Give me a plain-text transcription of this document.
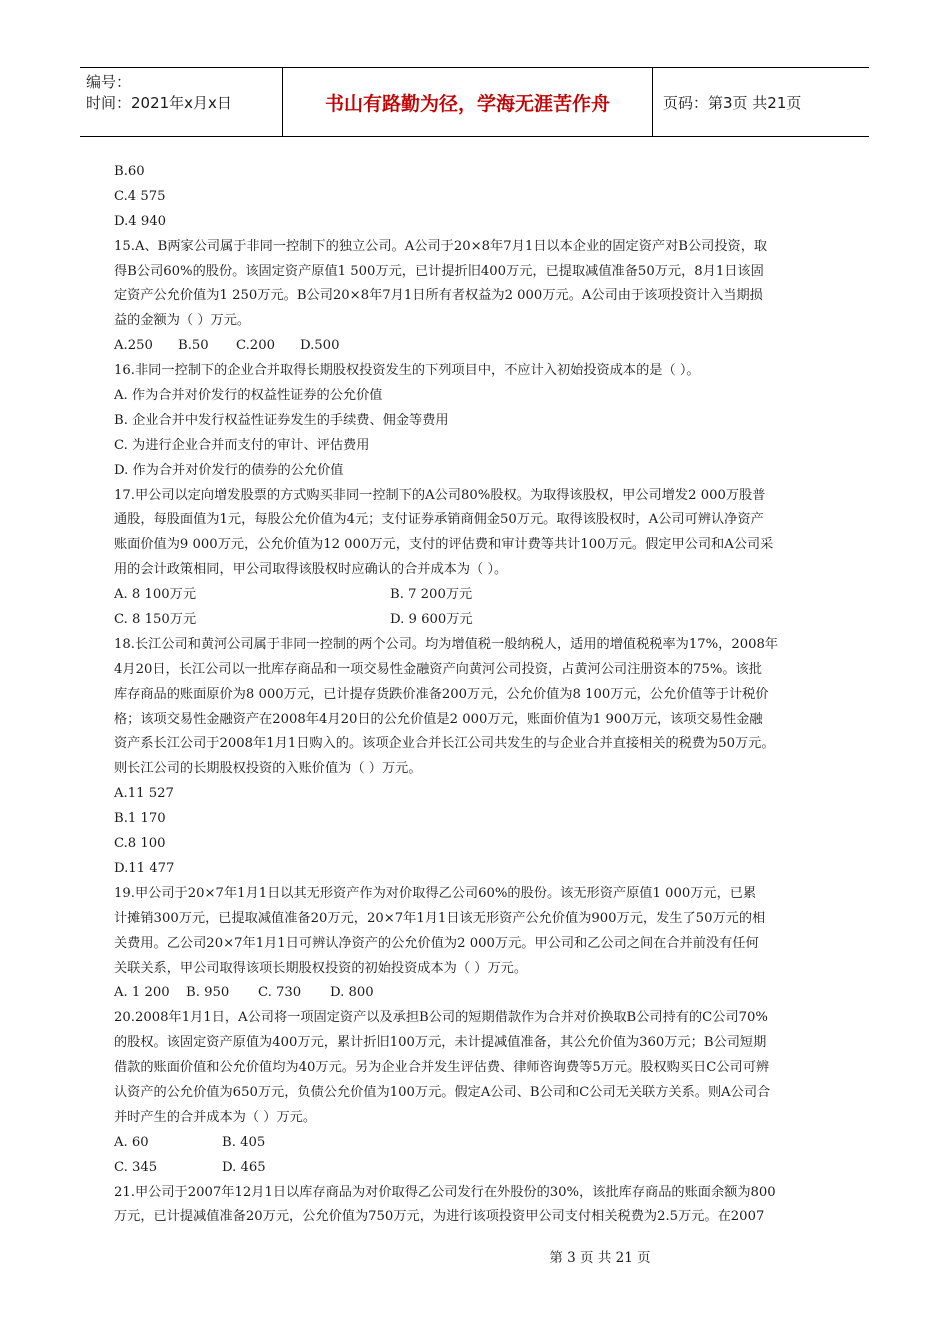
编号：
时间：2021年x月x日	书山有路勤为径，学海无涯苦作舟	页码：第3页 共21页
B.60
C.4 575
D.4 940
15.A、B两家公司属于非同一控制下的独立公司。A公司于20×8年7月1日以本企业的固定资产对B公司投资，取
得B公司60%的股份。该固定资产原值1 500万元，已计提折旧400万元，已提取减值准备50万元，8月1日该固
定资产公允价值为1 250万元。B公司20×8年7月1日所有者权益为2 000万元。A公司由于该项投资计入当期损
益的金额为（ ）万元。
A.250	B.50	C.200	D.500
16.非同一控制下的企业合并取得长期股权投资发生的下列项目中，不应计入初始投资成本的是（ ）。
A. 作为合并对价发行的权益性证券的公允价值
B. 企业合并中发行权益性证券发生的手续费、佣金等费用
C. 为进行企业合并而支付的审计、评估费用
D. 作为合并对价发行的债券的公允价值
17.甲公司以定向增发股票的方式购买非同一控制下的A公司80%股权。为取得该股权，甲公司增发2 000万股普
通股，每股面值为1元，每股公允价值为4元；支付证券承销商佣金50万元。取得该股权时，A公司可辨认净资产
账面价值为9 000万元，公允价值为12 000万元，支付的评估费和审计费等共计100万元。假定甲公司和A公司采
用的会计政策相同，甲公司取得该股权时应确认的合并成本为（ ）。
A. 8 100万元	B. 7 200万元
C. 8 150万元	D. 9 600万元
18.长江公司和黄河公司属于非同一控制的两个公司。均为增值税一般纳税人，适用的增值税税率为17%，2008年
4月20日，长江公司以一批库存商品和一项交易性金融资产向黄河公司投资，占黄河公司注册资本的75%。该批
库存商品的账面原价为8 000万元，已计提存货跌价准备200万元，公允价值为8 100万元，公允价值等于计税价
格；该项交易性金融资产在2008年4月20日的公允价值是2 000万元，账面价值为1 900万元，该项交易性金融
资产系长江公司于2008年1月1日购入的。该项企业合并长江公司共发生的与企业合并直接相关的税费为50万元。
则长江公司的长期股权投资的入账价值为（ ）万元。
A.11 527
B.1 170
C.8 100
D.11 477
19.甲公司于20×7年1月1日以其无形资产作为对价取得乙公司60%的股份。该无形资产原值1 000万元，已累
计摊销300万元，已提取减值准备20万元，20×7年1月1日该无形资产公允价值为900万元，发生了50万元的相
关费用。乙公司20×7年1月1日可辨认净资产的公允价值为2 000万元。甲公司和乙公司之间在合并前没有任何
关联关系，甲公司取得该项长期股权投资的初始投资成本为（ ）万元。
A. 1 200	B. 950	C. 730	D. 800
20.2008年1月1日，A公司将一项固定资产以及承担B公司的短期借款作为合并对价换取B公司持有的C公司70%
的股权。该固定资产原值为400万元，累计折旧100万元，未计提减值准备，其公允价值为360万元；B公司短期
借款的账面价值和公允价值均为40万元。另为企业合并发生评估费、律师咨询费等5万元。股权购买日C公司可辨
认资产的公允价值为650万元，负债公允价值为100万元。假定A公司、B公司和C公司无关联方关系。则A公司合
并时产生的合并成本为（ ）万元。
A. 60	B. 405
C. 345	D. 465
21.甲公司于2007年12月1日以库存商品为对价取得乙公司发行在外股份的30%，该批库存商品的账面余额为800
万元，已计提减值准备20万元，公允价值为750万元，为进行该项投资甲公司支付相关税费为2.5万元。在2007
第 3 页 共 21 页
